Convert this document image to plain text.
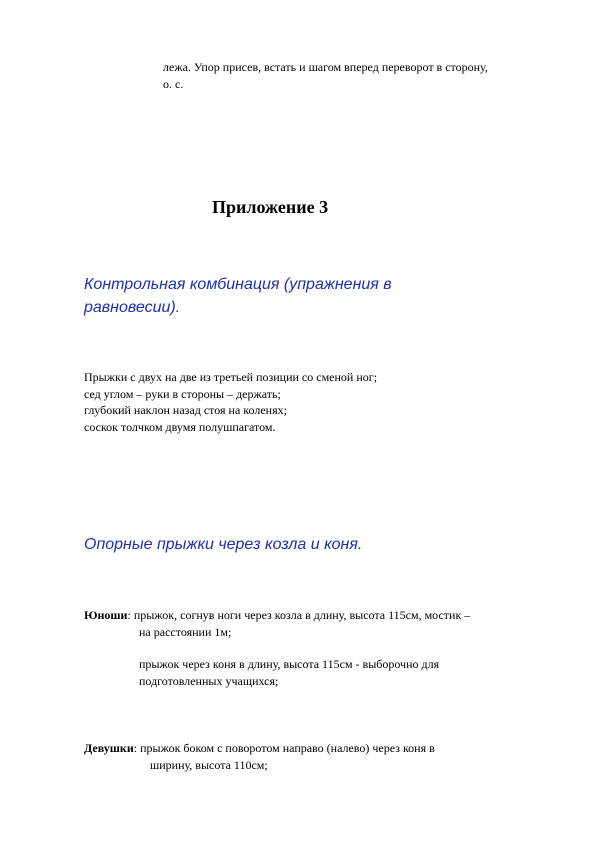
лежа. Упор присев, встать и шагом вперед переворот в сторону,
о. с.
Приложение 3
Контрольная комбинация (упражнения в
равновесии).
Прыжки с двух на две из третьей позиции со сменой ног;
сед углом – руки в стороны – держать;
глубокий наклон назад стоя на коленях;
соскок толчком двумя полушпагатом.
Опорные прыжки через козла и коня.
Юноши: прыжок, согнув ноги через козла в длину, высота 115см, мостик –
на расстоянии 1м;
прыжок через коня в длину, высота 115см - выборочно для
подготовленных учащихся;
Девушки: прыжок боком с поворотом направо (налево) через коня в
ширину, высота 110см;
